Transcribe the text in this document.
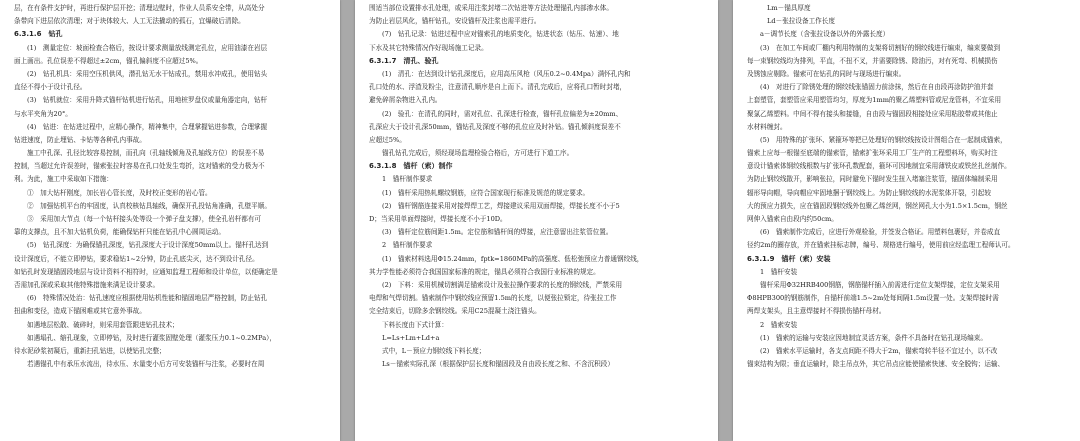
层，在有条件支护时，再进行保护层开挖；清理边壁时，作业人员系安全带，从高处分
条带向下进层依次清理；对于块体较大、人工无法撬动的孤石，宜爆破后清除。
6.3.1.6　钻孔
(1)　测量定位：坡面检查合格后，按设计要求测量放线测定孔位，应用油漆在岩层
面上画出。孔位误差不得超过±2cm，锚孔偏斜度不应超过5%。
(2)　钻孔机具：采用空压机供风，潜孔钻无水干钻成孔，禁用水冲成孔，使用钻头
直径不得小于设计孔径。
(3)　钻机就位：采用升降式锚杆钻机进行钻孔，用地桩罗盘仪或量角器定向，钻杆
与水平夹角为20°。
(4)　钻进：在钻进过程中，应精心操作，精神集中，合理掌握钻进参数，合理掌握
钻进速度，防止埋钻、卡钻等各种孔内事故。
施工中孔深、孔径比较容易控制，而孔向（孔轴线倾角及孔轴线方位）的误差不易
控制，当超过允许误差时，锚索张拉时容易在孔口处发生弯折，这对锚索的受力极为不
利。为此，施工中采取如下措施：
①　加大钻杆刚度，加长岩心管长度，及时校正变形的岩心管。
②　加强钻机平台的牢固度，认真校核钻具轴线，确保开孔投钻角准确，孔壁平顺。
③　采用加大节点（每一个钻杆接头处等设一个弹子盘支撑），使全孔岩杆都有可
靠的支撑点，且不加大钻机负荷，能确保钻杆只能在钻孔中心圆周运动。
(5)　钻孔深度：为确保锚孔深度，钻孔深度大于设计深度50mm以上。锚杆孔达到
设计深度后，不能立即停钻，要求稳钻1~2分钟，防止孔底尖灭，达不到设计孔径。
如钻孔时发现锚固段地层与设计资料不相符时，应通知监理工程师和设计单位，以便确定是
否需加孔深或采取其他特殊措施来满足设计要求。
(6)　特殊情况处治：钻孔速度应根据使用钻机性能和锚固地层严格控制，防止钻孔
扭曲和变径，造成下锚困难或其它意外事故。
如遇地层松散、破碎时，则采用套管跟进钻孔技术；
如遇塌孔、缩孔现象，立即停钻，及时进行灌浆固壁处理（灌浆压力0.1~0.2MPa），
待水泥砂浆初凝后，重新扫孔钻进，以使钻孔完整；
若遇锚孔中有承压水流出，待水压、水量变小后方可安装锚杆与注浆，必要时在周
围适当部位设置排水孔处理，或采用注浆封堵二次钻进等方法处理锚孔内部渗水体。
为防止岩层风化，锚杆钻孔，安设锚杆及注浆也需平进行。
(7)　钻孔记录：钻进过程中应对锚索孔的地质变化，钻进状态（钻压、钻速）、地
下水及其它特殊情况作好现场施工记录。
6.3.1.7　清孔、验孔
(1)　清孔：在达到设计钻孔深度后，应用高压风枪（风压0.2~0.4Mpa）满怀孔内和
孔口处的水、浮渣及粉尘，注意清孔顺序是自上而下。清孔完成后，应将孔口暂时封堵，
避免碎屑杂物进入孔内。
(2)　验孔：在清孔的同时，需对孔位、孔深进行检查，锚杆孔位偏差为±20mm、
孔深应大于设计孔深50mm，锚钻孔及深度不够的孔位应及时补钻。锚孔倾斜度误差不
应超过5%。
锚孔钻孔完成后，须经现场监理检验合格后，方可进行下道工序。
6.3.1.8　锚杆（索）制作
1　锚杆制作要求
(1)　锚杆采用热轧螺纹钢筋，应符合国家现行标准及规范的规定要求。
(2)　锚杆钢筋连接采用对接焊焊工艺，焊接建议采用双面焊接，焊接长度不小于5
D；当采用单面焊接时，焊接长度不小于10D。
(3)　锚杆定位筋间距1.5m。定位筋和锚杆间的焊接，应注意留出注浆管位置。
2　锚杆制作要求
(1)　锚索材料选用Φ15.24mm，fptk=1860MPa的高强度、低松弛预应力普通钢绞线，
其力学性能必须符合我国国家标准的规定，锚具必须符合我国行业标准的规定。
(2)　下料：采用机械切割满足锚索设计及张拉操作要求的长度的钢绞线，严禁采用
电焊和气焊切割。锚索制作中钢绞线应预留1.5m的长度，以便张拉锁定，待张拉工作
完全结束后，切除多余钢绞线。采用C25混凝土浇注锚头。
下料长度由下式计算：
L=Ls+Lm+Ld+a
式中，L－预应力钢绞线下料长度；
Ls－锚索实际孔深（根据保护层长度和锚固段及自由段长度之和、不含沉积段）
Lm－锚具厚度
Ld－张拉设备工作长度
a－调节长度（含张拉设备以外的外露长度）
(3)　在加工车间或厂棚内利用特制的支架将切割好的钢绞线进行编束，编束要做到
每一束钢绞线均为排列，平直，不扭不叉，并需要除锈、除油污，对有死弯、机械损伤
及锈蚀应剔除。锚索可在钻孔的同时与现场进行编束。
(4)　对进行了除锈处理的钢绞线张锚固力前涂抹，然后在自由段再涂防护油并套
上套塑管，套塑管应采用塑管均匀，厚度为1mm的聚乙烯塑料管或尼龙管料，不宜采用
聚氯乙烯塑料。中间不得有接头和接缝，自由段与锚固段相接处应采用粘胶带或其他止
水材料缠封。
(5)　用特殊的扩张环、紧箍环等把已处理好的钢绞线按设计图组合在一起制成锚索，
锚索上应每一根锚至底端的锚索管，锚索扩张环采用工厂生产的工程塑料环，购买时注
意设计锚索体钢绞线根数与扩张环孔数配套，箍环可因地制宜采用薄铁皮或铁丝扎丝制作。
为防止钢绞线散开，影响张拉，同时避免下锚时发生扭入堵塞注浆管，锚固体编制采用
辐形导向帽，导向帽应牢固地捆于钢绞线上。为防止钢绞线的水泥浆体开裂，引起较
大的预应力损失，应在锚固段钢绞线外包聚乙烯丝网，钢丝网孔大小为1.5×1.5cm，钢丝
网伸入锚索自由段内约50cm。
(6)　锚索制作完成后，应进行外观检验，并签发合格证。用塑料包裹好，并卷成直
径约2m的圈存放，并在锚索挂标志牌，编号、规格进行编号，使用前应经监理工程师认可。
6.3.1.9　锚杆（索）安装
1　锚杆安装
锚杆采用Φ32HRB400钢筋，钢筋锚杆插入前需进行定位支架焊接，定位支架采用
Φ8HPB300的钢筋制作，自锚杆前端1.5~2m处每间隔1.5m设置一处。支架焊接时需
两焊支架头，且主意焊接时不得损伤锚杆母材。
2　锚索安装
(1)　锚索的运输与安装应因地制宜灵活方案，条件不具备时在钻孔现场编束。
(2)　锚索水平运输时，各支点间距不得大于2m，锚索弯转半径不宜过小，以不改
锚束结构为限；垂直运输时，除主吊点外，其它吊点应能使锚索快速、安全脱钩；运输、
